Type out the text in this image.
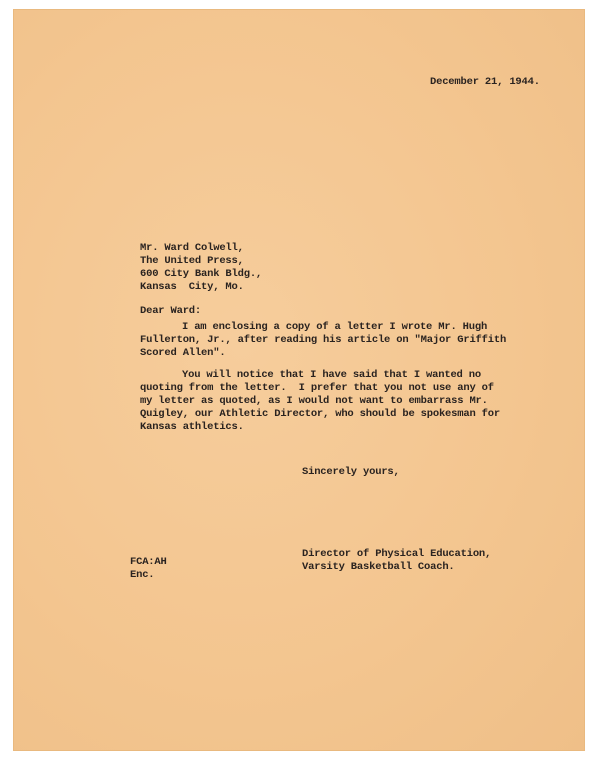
December 21, 1944.
Mr. Ward Colwell,
The United Press,
600 City Bank Bldg.,
Kansas  City, Mo.
Dear Ward:
I am enclosing a copy of a letter I wrote Mr. Hugh
Fullerton, Jr., after reading his article on "Major Griffith
Scored Allen".
You will notice that I have said that I wanted no
quoting from the letter.  I prefer that you not use any of
my letter as quoted, as I would not want to embarrass Mr.
Quigley, our Athletic Director, who should be spokesman for
Kansas athletics.
Sincerely yours,
Director of Physical Education,
Varsity Basketball Coach.
FCA:AH
Enc.
